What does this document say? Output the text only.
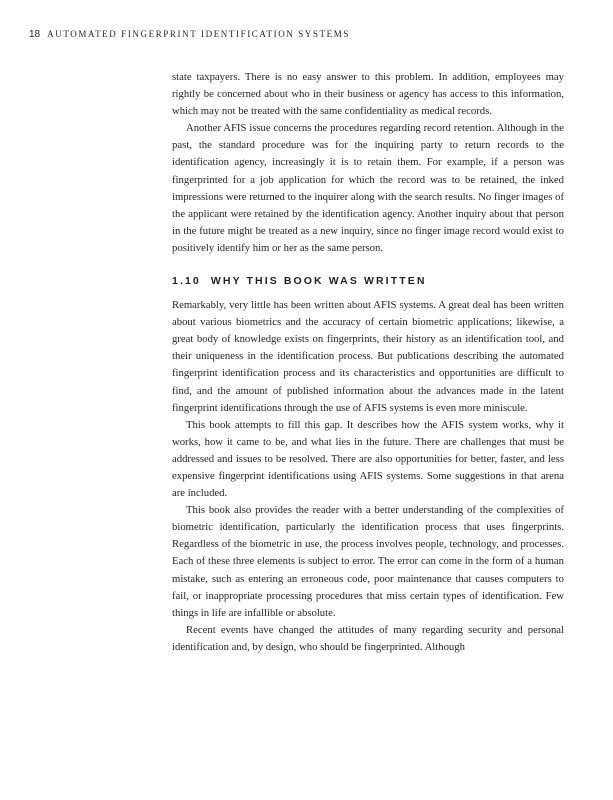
18 AUTOMATED FINGERPRINT IDENTIFICATION SYSTEMS

state taxpayers. There is no easy answer to this problem. In addition, employees may rightly be concerned about who in their business or agency has access to this information, which may not be treated with the same confidentiality as medical records.

Another AFIS issue concerns the procedures regarding record retention. Although in the past, the standard procedure was for the inquiring party to return records to the identification agency, increasingly it is to retain them. For example, if a person was fingerprinted for a job application for which the record was to be retained, the inked impressions were returned to the inquirer along with the search results. No finger images of the applicant were retained by the identification agency. Another inquiry about that person in the future might be treated as a new inquiry, since no finger image record would exist to positively identify him or her as the same person.

1.10 WHY THIS BOOK WAS WRITTEN

Remarkably, very little has been written about AFIS systems. A great deal has been written about various biometrics and the accuracy of certain biometric applications; likewise, a great body of knowledge exists on fingerprints, their history as an identification tool, and their uniqueness in the identification process. But publications describing the automated fingerprint identification process and its characteristics and opportunities are difficult to find, and the amount of published information about the advances made in the latent fingerprint identifications through the use of AFIS systems is even more miniscule.

This book attempts to fill this gap. It describes how the AFIS system works, why it works, how it came to be, and what lies in the future. There are challenges that must be addressed and issues to be resolved. There are also opportunities for better, faster, and less expensive fingerprint identifications using AFIS systems. Some suggestions in that arena are included.

This book also provides the reader with a better understanding of the complexities of biometric identification, particularly the identification process that uses fingerprints. Regardless of the biometric in use, the process involves people, technology, and processes. Each of these three elements is subject to error. The error can come in the form of a human mistake, such as entering an erroneous code, poor maintenance that causes computers to fail, or inappropriate processing procedures that miss certain types of identification. Few things in life are infallible or absolute.

Recent events have changed the attitudes of many regarding security and personal identification and, by design, who should be fingerprinted. Although
